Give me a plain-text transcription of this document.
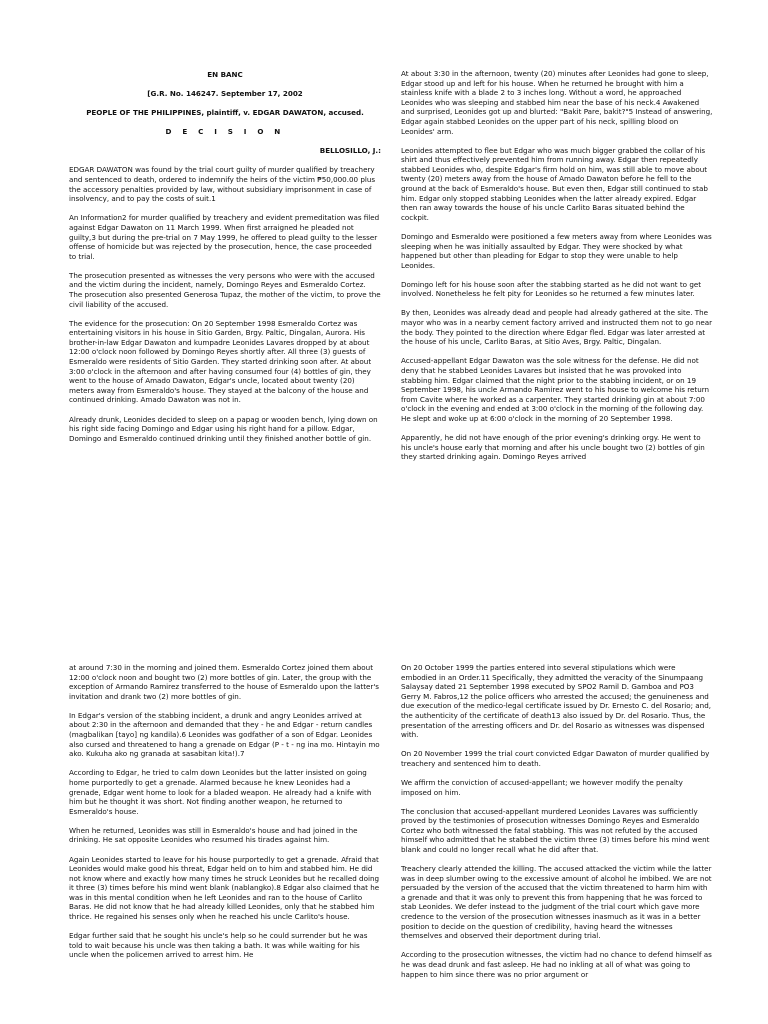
EN BANC

[G.R. No. 146247. September 17, 2002

PEOPLE OF THE PHILIPPINES, plaintiff, v. EDGAR DAWATON, accused.

D E C I S I O N

BELLOSILLO, J.:

EDGAR DAWATON was found by the trial court guilty of murder qualified by treachery and sentenced to death, ordered to indemnify the heirs of the victim ₱50,000.00 plus the accessory penalties provided by law, without subsidiary imprisonment in case of insolvency, and to pay the costs of suit.1

An Information2 for murder qualified by treachery and evident premeditation was filed against Edgar Dawaton on 11 March 1999. When first arraigned he pleaded not guilty,3 but during the pre-trial on 7 May 1999, he offered to plead guilty to the lesser offense of homicide but was rejected by the prosecution, hence, the case proceeded to trial.

The prosecution presented as witnesses the very persons who were with the accused and the victim during the incident, namely, Domingo Reyes and Esmeraldo Cortez. The prosecution also presented Generosa Tupaz, the mother of the victim, to prove the civil liability of the accused.

The evidence for the prosecution: On 20 September 1998 Esmeraldo Cortez was entertaining visitors in his house in Sitio Garden, Brgy. Paltic, Dingalan, Aurora. His brother-in-law Edgar Dawaton and kumpadre Leonides Lavares dropped by at about 12:00 o'clock noon followed by Domingo Reyes shortly after. All three (3) guests of Esmeraldo were residents of Sitio Garden. They started drinking soon after. At about 3:00 o'clock in the afternoon and after having consumed four (4) bottles of gin, they went to the house of Amado Dawaton, Edgar's uncle, located about twenty (20) meters away from Esmeraldo's house. They stayed at the balcony of the house and continued drinking. Amado Dawaton was not in.

Already drunk, Leonides decided to sleep on a papag or wooden bench, lying down on his right side facing Domingo and Edgar using his right hand for a pillow. Edgar, Domingo and Esmeraldo continued drinking until they finished another bottle of gin.

At about 3:30 in the afternoon, twenty (20) minutes after Leonides had gone to sleep, Edgar stood up and left for his house. When he returned he brought with him a stainless knife with a blade 2 to 3 inches long. Without a word, he approached Leonides who was sleeping and stabbed him near the base of his neck.4 Awakened and surprised, Leonides got up and blurted: "Bakit Pare, bakit?"5 Instead of answering, Edgar again stabbed Leonides on the upper part of his neck, spilling blood on Leonides' arm.

Leonides attempted to flee but Edgar who was much bigger grabbed the collar of his shirt and thus effectively prevented him from running away. Edgar then repeatedly stabbed Leonides who, despite Edgar's firm hold on him, was still able to move about twenty (20) meters away from the house of Amado Dawaton before he fell to the ground at the back of Esmeraldo's house. But even then, Edgar still continued to stab him. Edgar only stopped stabbing Leonides when the latter already expired. Edgar then ran away towards the house of his uncle Carlito Baras situated behind the cockpit.

Domingo and Esmeraldo were positioned a few meters away from where Leonides was sleeping when he was initially assaulted by Edgar. They were shocked by what happened but other than pleading for Edgar to stop they were unable to help Leonides.

Domingo left for his house soon after the stabbing started as he did not want to get involved. Nonetheless he felt pity for Leonides so he returned a few minutes later.

By then, Leonides was already dead and people had already gathered at the site. The mayor who was in a nearby cement factory arrived and instructed them not to go near the body. They pointed to the direction where Edgar fled. Edgar was later arrested at the house of his uncle, Carlito Baras, at Sitio Aves, Brgy. Paltic, Dingalan.

Accused-appellant Edgar Dawaton was the sole witness for the defense. He did not deny that he stabbed Leonides Lavares but insisted that he was provoked into stabbing him. Edgar claimed that the night prior to the stabbing incident, or on 19 September 1998, his uncle Armando Ramirez went to his house to welcome his return from Cavite where he worked as a carpenter. They started drinking gin at about 7:00 o'clock in the evening and ended at 3:00 o'clock in the morning of the following day. He slept and woke up at 6:00 o'clock in the morning of 20 September 1998.

Apparently, he did not have enough of the prior evening's drinking orgy. He went to his uncle's house early that morning and after his uncle bought two (2) bottles of gin they started drinking again. Domingo Reyes arrived

at around 7:30 in the morning and joined them. Esmeraldo Cortez joined them about 12:00 o'clock noon and bought two (2) more bottles of gin. Later, the group with the exception of Armando Ramirez transferred to the house of Esmeraldo upon the latter's invitation and drank two (2) more bottles of gin.

In Edgar's version of the stabbing incident, a drunk and angry Leonides arrived at about 2:30 in the afternoon and demanded that they - he and Edgar - return candles (magbalikan [tayo] ng kandila).6 Leonides was godfather of a son of Edgar. Leonides also cursed and threatened to hang a grenade on Edgar (P - t - ng ina mo. Hintayin mo ako. Kukuha ako ng granada at sasabitan kita!).7

According to Edgar, he tried to calm down Leonides but the latter insisted on going home purportedly to get a grenade. Alarmed because he knew Leonides had a grenade, Edgar went home to look for a bladed weapon. He already had a knife with him but he thought it was short. Not finding another weapon, he returned to Esmeraldo's house.

When he returned, Leonides was still in Esmeraldo's house and had joined in the drinking. He sat opposite Leonides who resumed his tirades against him.

Again Leonides started to leave for his house purportedly to get a grenade. Afraid that Leonides would make good his threat, Edgar held on to him and stabbed him. He did not know where and exactly how many times he struck Leonides but he recalled doing it three (3) times before his mind went blank (nablangko).8 Edgar also claimed that he was in this mental condition when he left Leonides and ran to the house of Carlito Baras. He did not know that he had already killed Leonides, only that he stabbed him thrice. He regained his senses only when he reached his uncle Carlito's house.

Edgar further said that he sought his uncle's help so he could surrender but he was told to wait because his uncle was then taking a bath. It was while waiting for his uncle when the policemen arrived to arrest him. He

On 20 October 1999 the parties entered into several stipulations which were embodied in an Order.11 Specifically, they admitted the veracity of the Sinumpaang Salaysay dated 21 September 1998 executed by SPO2 Ramil D. Gamboa and PO3 Gerry M. Fabros,12 the police officers who arrested the accused; the genuineness and due execution of the medico-legal certificate issued by Dr. Ernesto C. del Rosario; and, the authenticity of the certificate of death13 also issued by Dr. del Rosario. Thus, the presentation of the arresting officers and Dr. del Rosario as witnesses was dispensed with.

On 20 November 1999 the trial court convicted Edgar Dawaton of murder qualified by treachery and sentenced him to death.

We affirm the conviction of accused-appellant; we however modify the penalty imposed on him.

The conclusion that accused-appellant murdered Leonides Lavares was sufficiently proved by the testimonies of prosecution witnesses Domingo Reyes and Esmeraldo Cortez who both witnessed the fatal stabbing. This was not refuted by the accused himself who admitted that he stabbed the victim three (3) times before his mind went blank and could no longer recall what he did after that.

Treachery clearly attended the killing. The accused attacked the victim while the latter was in deep slumber owing to the excessive amount of alcohol he imbibed. We are not persuaded by the version of the accused that the victim threatened to harm him with a grenade and that it was only to prevent this from happening that he was forced to stab Leonides. We defer instead to the judgment of the trial court which gave more credence to the version of the prosecution witnesses inasmuch as it was in a better position to decide on the question of credibility, having heard the witnesses themselves and observed their deportment during trial.

According to the prosecution witnesses, the victim had no chance to defend himself as he was dead drunk and fast asleep. He had no inkling at all of what was going to happen to him since there was no prior argument or
